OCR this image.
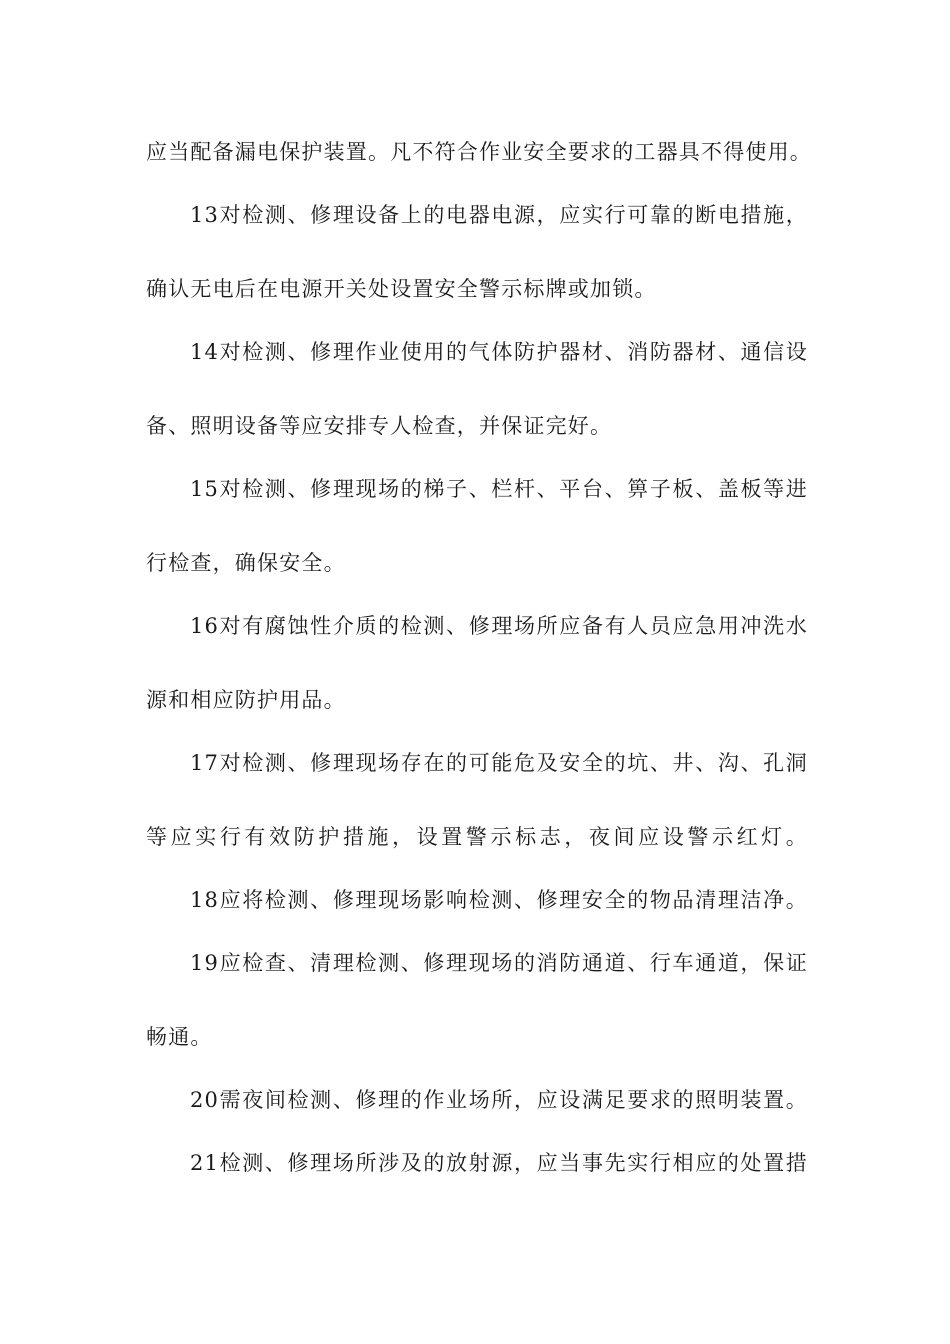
应当配备漏电保护装置。凡不符合作业安全要求的工器具不得使用。
13对检测、修理设备上的电器电源，应实行可靠的断电措施，
确认无电后在电源开关处设置安全警示标牌或加锁。
14对检测、修理作业使用的气体防护器材、消防器材、通信设
备、照明设备等应安排专人检查，并保证完好。
15对检测、修理现场的梯子、栏杆、平台、箅子板、盖板等进
行检查，确保安全。
16对有腐蚀性介质的检测、修理场所应备有人员应急用冲洗水
源和相应防护用品。
17对检测、修理现场存在的可能危及安全的坑、井、沟、孔洞
等应实行有效防护措施，设置警示标志，夜间应设警示红灯。
18应将检测、修理现场影响检测、修理安全的物品清理洁净。
19应检查、清理检测、修理现场的消防通道、行车通道，保证
畅通。
20需夜间检测、修理的作业场所，应设满足要求的照明装置。
21检测、修理场所涉及的放射源，应当事先实行相应的处置措
